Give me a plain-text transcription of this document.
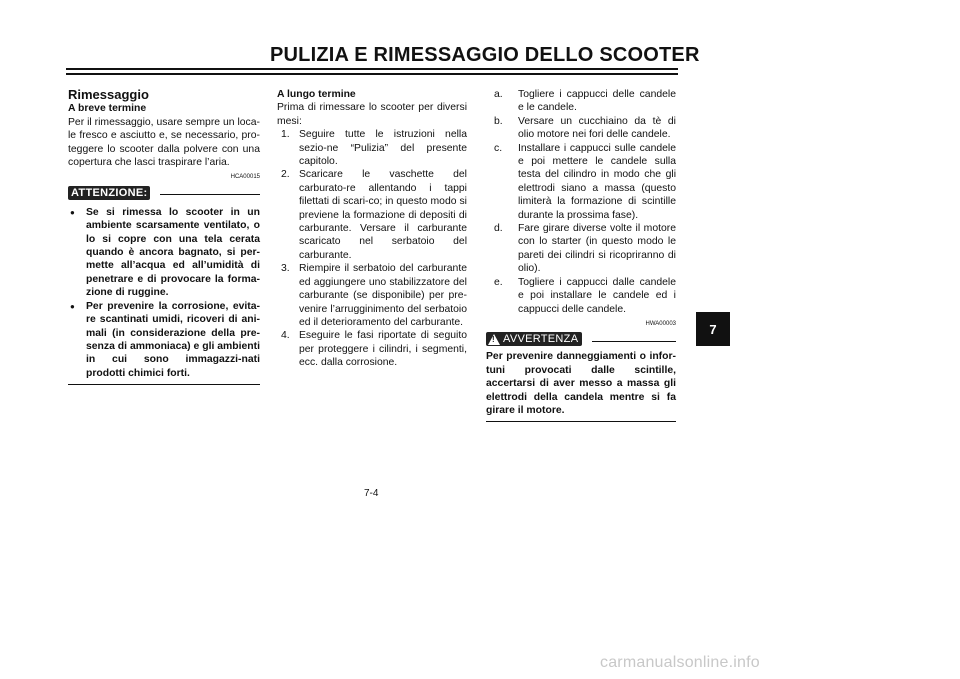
PULIZIA E RIMESSAGGIO DELLO SCOOTER
Rimessaggio
A breve termine
Per il rimessaggio, usare sempre un loca-le fresco e asciutto e, se necessario, pro-teggere lo scooter dalla polvere con una copertura che lasci traspirare l’aria.
HCA00015
ATTENZIONE:
● Se si rimessa lo scooter in un ambiente scarsamente ventilato, o lo si copre con una tela cerata quando è ancora bagnato, si per-mette all’acqua ed all’umidità di penetrare e di provocare la forma-zione di ruggine.
● Per prevenire la corrosione, evita-re scantinati umidi, ricoveri di ani-mali (in considerazione della pre-senza di ammoniaca) e gli ambienti in cui sono immagazzi-nati prodotti chimici forti.
A lungo termine
Prima di rimessare lo scooter per diversi mesi:
1. Seguire tutte le istruzioni nella sezio-ne “Pulizia” del presente capitolo.
2. Scaricare le vaschette del carburato-re allentando i tappi filettati di scari-co; in questo modo si previene la formazione di depositi di carburante. Versare il carburante scaricato nel serbatoio del carburante.
3. Riempire il serbatoio del carburante ed aggiungere uno stabilizzatore del carburante (se disponibile) per pre-venire l’arrugginimento del serbatoio ed il deterioramento del carburante.
4. Eseguire le fasi riportate di seguito per proteggere i cilindri, i segmenti, ecc. dalla corrosione.
a. Togliere i cappucci delle candele e le candele.
b. Versare un cucchiaino da tè di olio motore nei fori delle candele.
c. Installare i cappucci sulle candele e poi mettere le candele sulla testa del cilindro in modo che gli elettrodi siano a massa (questo limiterà la formazione di scintille durante la prossima fase).
d. Fare girare diverse volte il motore con lo starter (in questo modo le pareti dei cilindri si ricopriranno di olio).
e. Togliere i cappucci dalle candele e poi installare le candele ed i cappucci delle candele.
HWA00003
! AVVERTENZA
Per prevenire danneggiamenti o infor-tuni provocati dalle scintille, accertarsi di aver messo a massa gli elettrodi della candela mentre si fa girare il motore.
7-4
7
carmanualsonline.info
